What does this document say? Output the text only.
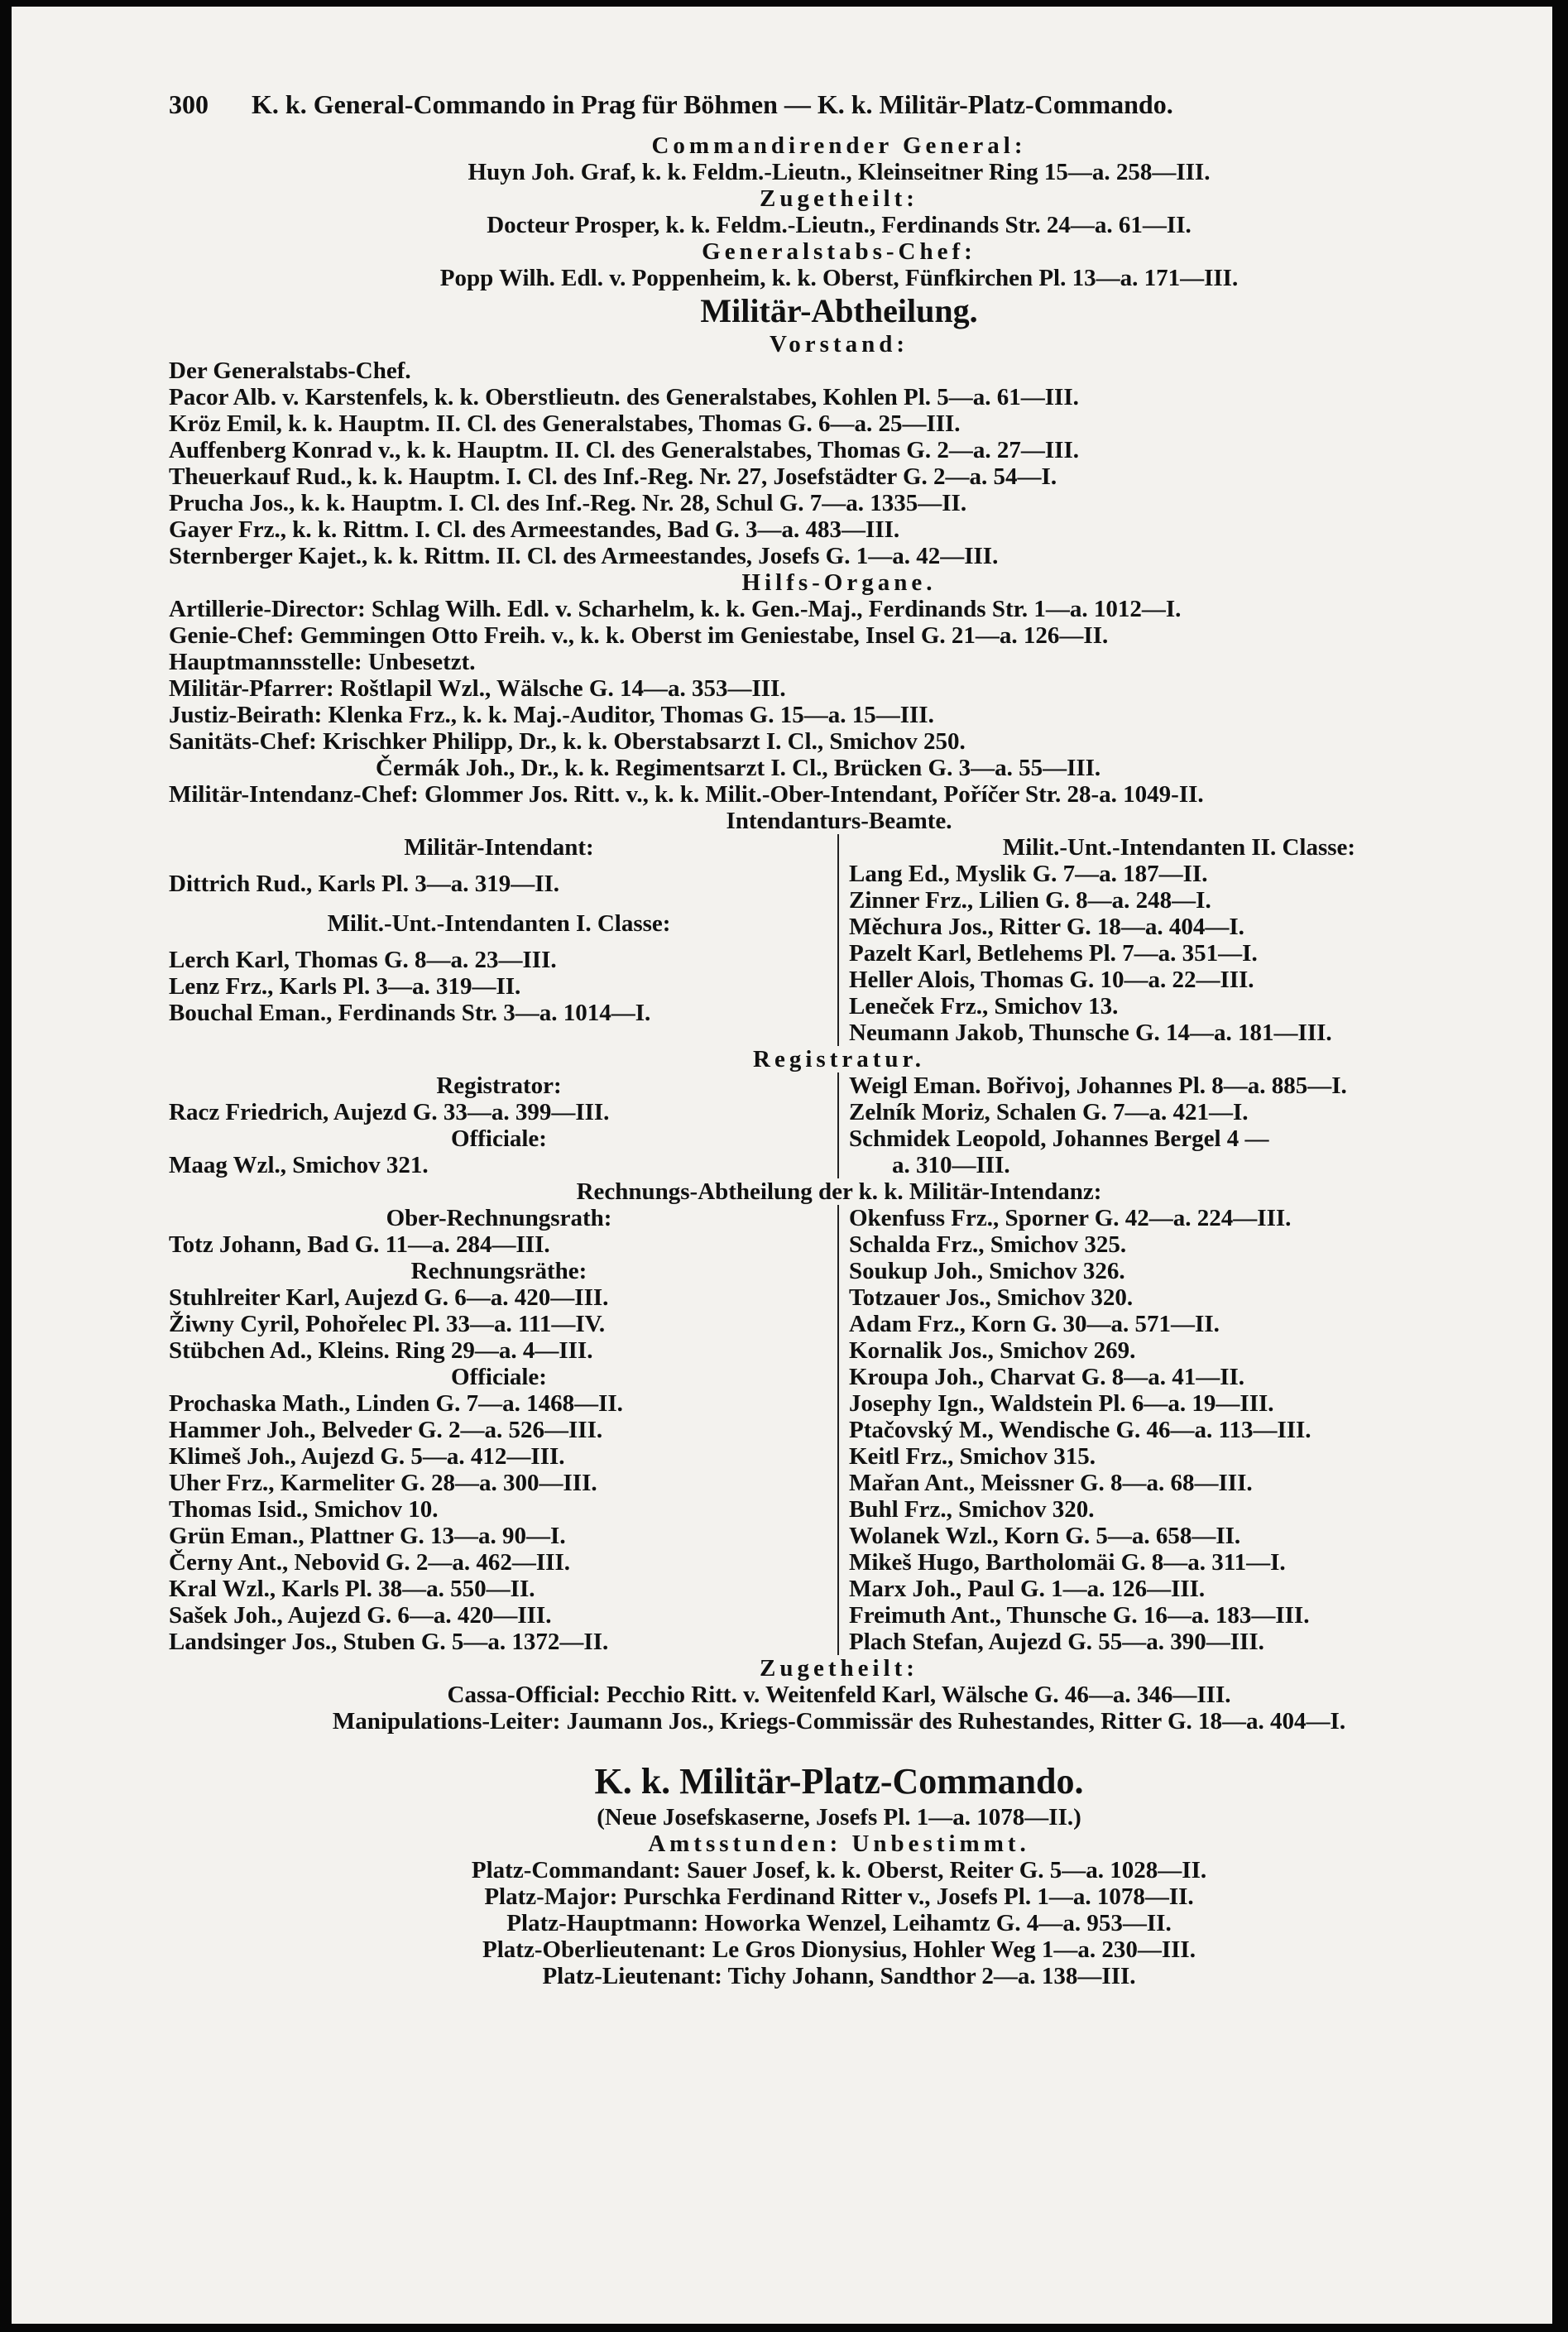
300	K. k. General-Commando in Prag für Böhmen — K. k. Militär-Platz-Commando.
Commandirender General:
Huyn Joh. Graf, k. k. Feldm.-Lieutn., Kleinseitner Ring 15—a. 258—III.
Zugetheilt:
Docteur Prosper, k. k. Feldm.-Lieutn., Ferdinands Str. 24—a. 61—II.
Generalstabs-Chef:
Popp Wilh. Edl. v. Poppenheim, k. k. Oberst, Fünfkirchen Pl. 13—a. 171—III.
Militär-Abtheilung.
Vorstand:
Der Generalstabs-Chef.
Pacor Alb. v. Karstenfels, k. k. Oberstlieutn. des Generalstabes, Kohlen Pl. 5—a. 61—III.
Kröz Emil, k. k. Hauptm. II. Cl. des Generalstabes, Thomas G. 6—a. 25—III.
Auffenberg Konrad v., k. k. Hauptm. II. Cl. des Generalstabes, Thomas G. 2—a. 27—III.
Theuerkauf Rud., k. k. Hauptm. I. Cl. des Inf.-Reg. Nr. 27, Josefstädter G. 2—a. 54—I.
Prucha Jos., k. k. Hauptm. I. Cl. des Inf.-Reg. Nr. 28, Schul G. 7—a. 1335—II.
Gayer Frz., k. k. Rittm. I. Cl. des Armeestandes, Bad G. 3—a. 483—III.
Sternberger Kajet., k. k. Rittm. II. Cl. des Armeestandes, Josefs G. 1—a. 42—III.
Hilfs-Organe.
Artillerie-Director: Schlag Wilh. Edl. v. Scharhelm, k. k. Gen.-Maj., Ferdinands Str. 1—a. 1012—I.
Genie-Chef: Gemmingen Otto Freih. v., k. k. Oberst im Geniestabe, Insel G. 21—a. 126—II.
Hauptmannsstelle: Unbesetzt.
Militär-Pfarrer: Roštlapil Wzl., Wälsche G. 14—a. 353—III.
Justiz-Beirath: Klenka Frz., k. k. Maj.-Auditor, Thomas G. 15—a. 15—III.
Sanitäts-Chef: Krischker Philipp, Dr., k. k. Oberstabsarzt I. Cl., Smichov 250.
Čermák Joh., Dr., k. k. Regimentsarzt I. Cl., Brücken G. 3—a. 55—III.
Militär-Intendanz-Chef: Glommer Jos. Ritt. v., k. k. Milit.-Ober-Intendant, Poříčer Str. 28-a. 1049-II.
Intendanturs-Beamte.
Militär-Intendant:
Dittrich Rud., Karls Pl. 3—a. 319—II.
Milit.-Unt.-Intendanten I. Classe:
Lerch Karl, Thomas G. 8—a. 23—III.
Lenz Frz., Karls Pl. 3—a. 319—II.
Bouchal Eman., Ferdinands Str. 3—a. 1014—I.
Milit.-Unt.-Intendanten II. Classe:
Lang Ed., Myslik G. 7—a. 187—II.
Zinner Frz., Lilien G. 8—a. 248—I.
Měchura Jos., Ritter G. 18—a. 404—I.
Pazelt Karl, Betlehems Pl. 7—a. 351—I.
Heller Alois, Thomas G. 10—a. 22—III.
Leneček Frz., Smichov 13.
Neumann Jakob, Thunsche G. 14—a. 181—III.
Registratur.
Registrator:
Racz Friedrich, Aujezd G. 33—a. 399—III.
Officiale:
Maag Wzl., Smichov 321.
Weigl Eman. Bořivoj, Johannes Pl. 8—a. 885—I.
Zelník Moriz, Schalen G. 7—a. 421—I.
Schmidek Leopold, Johannes Bergel 4 —
a. 310—III.
Rechnungs-Abtheilung der k. k. Militär-Intendanz:
Ober-Rechnungsrath:
Totz Johann, Bad G. 11—a. 284—III.
Rechnungsräthe:
Stuhlreiter Karl, Aujezd G. 6—a. 420—III.
Žiwny Cyril, Pohořelec Pl. 33—a. 111—IV.
Stübchen Ad., Kleins. Ring 29—a. 4—III.
Officiale:
Prochaska Math., Linden G. 7—a. 1468—II.
Hammer Joh., Belveder G. 2—a. 526—III.
Klimeš Joh., Aujezd G. 5—a. 412—III.
Uher Frz., Karmeliter G. 28—a. 300—III.
Thomas Isid., Smichov 10.
Grün Eman., Plattner G. 13—a. 90—I.
Černy Ant., Nebovid G. 2—a. 462—III.
Kral Wzl., Karls Pl. 38—a. 550—II.
Sašek Joh., Aujezd G. 6—a. 420—III.
Landsinger Jos., Stuben G. 5—a. 1372—II.
Okenfuss Frz., Sporner G. 42—a. 224—III.
Schalda Frz., Smichov 325.
Soukup Joh., Smichov 326.
Totzauer Jos., Smichov 320.
Adam Frz., Korn G. 30—a. 571—II.
Kornalik Jos., Smichov 269.
Kroupa Joh., Charvat G. 8—a. 41—II.
Josephy Ign., Waldstein Pl. 6—a. 19—III.
Ptačovský M., Wendische G. 46—a. 113—III.
Keitl Frz., Smichov 315.
Mařan Ant., Meissner G. 8—a. 68—III.
Buhl Frz., Smichov 320.
Wolanek Wzl., Korn G. 5—a. 658—II.
Mikeš Hugo, Bartholomäi G. 8—a. 311—I.
Marx Joh., Paul G. 1—a. 126—III.
Freimuth Ant., Thunsche G. 16—a. 183—III.
Plach Stefan, Aujezd G. 55—a. 390—III.
Zugetheilt:
Cassa-Official: Pecchio Ritt. v. Weitenfeld Karl, Wälsche G. 46—a. 346—III.
Manipulations-Leiter: Jaumann Jos., Kriegs-Commissär des Ruhestandes, Ritter G. 18—a. 404—I.
K. k. Militär-Platz-Commando.
(Neue Josefskaserne, Josefs Pl. 1—a. 1078—II.)
Amtsstunden: Unbestimmt.
Platz-Commandant: Sauer Josef, k. k. Oberst, Reiter G. 5—a. 1028—II.
Platz-Major: Purschka Ferdinand Ritter v., Josefs Pl. 1—a. 1078—II.
Platz-Hauptmann: Howorka Wenzel, Leihamtz G. 4—a. 953—II.
Platz-Oberlieutenant: Le Gros Dionysius, Hohler Weg 1—a. 230—III.
Platz-Lieutenant: Tichy Johann, Sandthor 2—a. 138—III.
